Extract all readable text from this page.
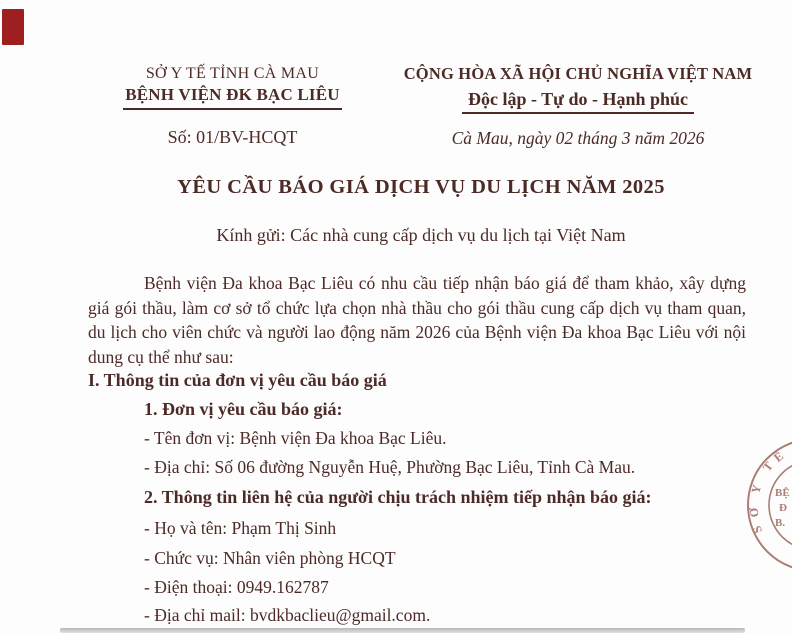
SỞ Y TẾ TỈNH CÀ MAU
BỆNH VIỆN ĐK BẠC LIÊU
Số: 01/BV-HCQT
CỘNG HÒA XÃ HỘI CHỦ NGHĨA VIỆT NAM
Độc lập - Tự do - Hạnh phúc
Cà Mau, ngày 02 tháng 3 năm 2026
YÊU CẦU BÁO GIÁ DỊCH VỤ DU LỊCH NĂM 2025
Kính gửi: Các nhà cung cấp dịch vụ du lịch tại Việt Nam
Bệnh viện Đa khoa Bạc Liêu có nhu cầu tiếp nhận báo giá để tham khảo, xây dựng giá gói thầu, làm cơ sở tổ chức lựa chọn nhà thầu cho gói thầu cung cấp dịch vụ tham quan, du lịch cho viên chức và người lao động năm 2026 của Bệnh viện Đa khoa Bạc Liêu với nội dung cụ thể như sau:
I. Thông tin của đơn vị yêu cầu báo giá
1. Đơn vị yêu cầu báo giá:
- Tên đơn vị: Bệnh viện Đa khoa Bạc Liêu.
- Địa chỉ: Số 06 đường Nguyễn Huệ, Phường Bạc Liêu, Tỉnh Cà Mau.
2. Thông tin liên hệ của người chịu trách nhiệm tiếp nhận báo giá:
- Họ và tên: Phạm Thị Sinh
- Chức vụ: Nhân viên phòng HCQT
- Điện thoại: 0949.162787
- Địa chỉ mail: bvdkbaclieu@gmail.com.
S
Ở
Y
T
Ế
BỆ
Đ
B.
